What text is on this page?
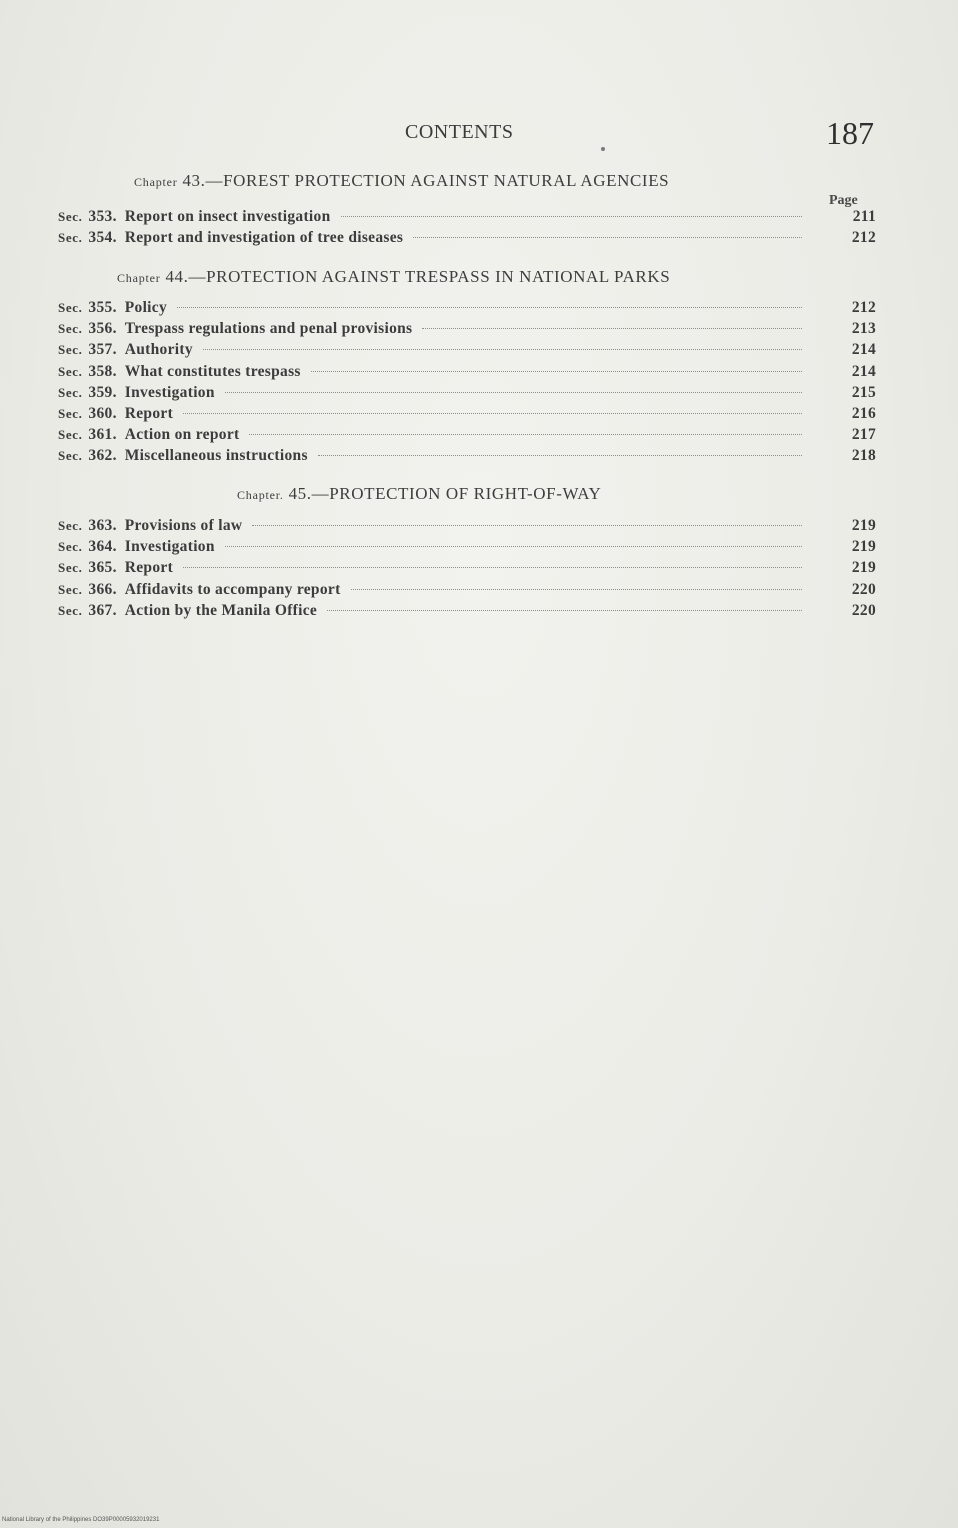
CONTENTS	187
Chapter 43.—FOREST PROTECTION AGAINST NATURAL AGENCIES
Page
Sec. 353. Report on insect investigation	211
Sec. 354. Report and investigation of tree diseases	212
Chapter 44.—PROTECTION AGAINST TRESPASS IN NATIONAL PARKS
Sec. 355. Policy	212
Sec. 356. Trespass regulations and penal provisions	213
Sec. 357. Authority	214
Sec. 358. What constitutes trespass	214
Sec. 359. Investigation	215
Sec. 360. Report	216
Sec. 361. Action on report	217
Sec. 362. Miscellaneous instructions	218
Chapter. 45.—PROTECTION OF RIGHT-OF-WAY
Sec. 363. Provisions of law	219
Sec. 364. Investigation	219
Sec. 365. Report	219
Sec. 366. Affidavits to accompany report	220
Sec. 367. Action by the Manila Office	220
National Library of the Philippines DO39P00005932019231
